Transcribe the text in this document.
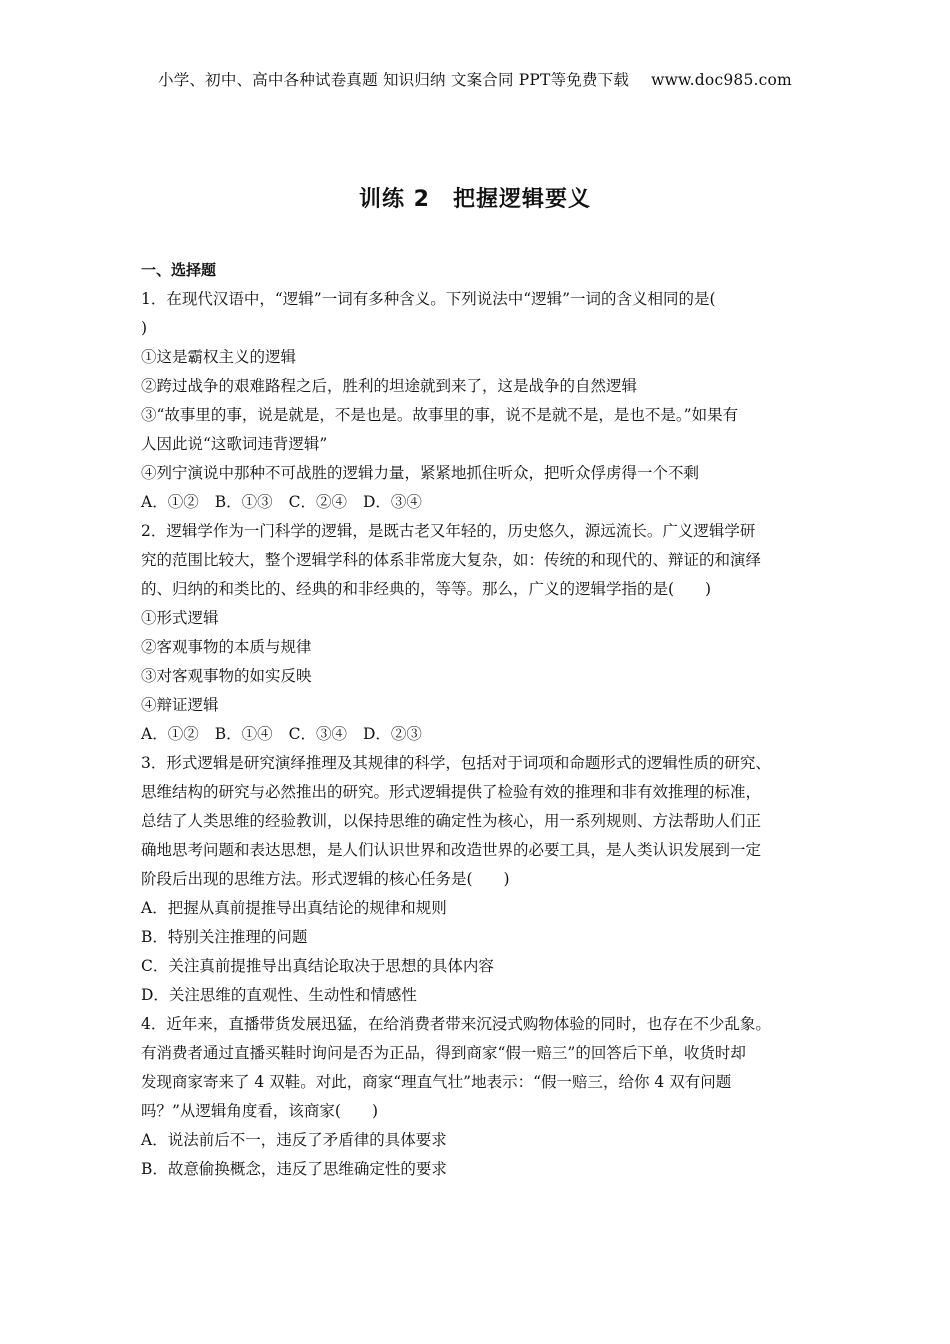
小学、初中、高中各种试卷真题 知识归纳 文案合同 PPT等免费下载 www.doc985.com
训练 2　把握逻辑要义
一、选择题
1．在现代汉语中，“逻辑”一词有多种含义。下列说法中“逻辑”一词的含义相同的是(
)
①这是霸权主义的逻辑
②跨过战争的艰难路程之后，胜利的坦途就到来了，这是战争的自然逻辑
③“故事里的事，说是就是，不是也是。故事里的事，说不是就不是，是也不是。”如果有
人因此说“这歌词违背逻辑”
④列宁演说中那种不可战胜的逻辑力量，紧紧地抓住听众，把听众俘虏得一个不剩
A．①② B．①③ C．②④ D．③④
2．逻辑学作为一门科学的逻辑，是既古老又年轻的，历史悠久，源远流长。广义逻辑学研
究的范围比较大，整个逻辑学科的体系非常庞大复杂，如：传统的和现代的、辩证的和演绎
的、归纳的和类比的、经典的和非经典的，等等。那么，广义的逻辑学指的是(　　)
①形式逻辑
②客观事物的本质与规律
③对客观事物的如实反映
④辩证逻辑
A．①② B．①④ C．③④ D．②③
3．形式逻辑是研究演绎推理及其规律的科学，包括对于词项和命题形式的逻辑性质的研究、
思维结构的研究与必然推出的研究。形式逻辑提供了检验有效的推理和非有效推理的标准，
总结了人类思维的经验教训，以保持思维的确定性为核心，用一系列规则、方法帮助人们正
确地思考问题和表达思想，是人们认识世界和改造世界的必要工具，是人类认识发展到一定
阶段后出现的思维方法。形式逻辑的核心任务是(　　)
A．把握从真前提推导出真结论的规律和规则
B．特别关注推理的问题
C．关注真前提推导出真结论取决于思想的具体内容
D．关注思维的直观性、生动性和情感性
4．近年来，直播带货发展迅猛，在给消费者带来沉浸式购物体验的同时，也存在不少乱象。
有消费者通过直播买鞋时询问是否为正品，得到商家“假一赔三”的回答后下单，收货时却
发现商家寄来了 4 双鞋。对此，商家“理直气壮”地表示：“假一赔三，给你 4 双有问题
吗？”从逻辑角度看，该商家(　　)
A．说法前后不一，违反了矛盾律的具体要求
B．故意偷换概念，违反了思维确定性的要求
